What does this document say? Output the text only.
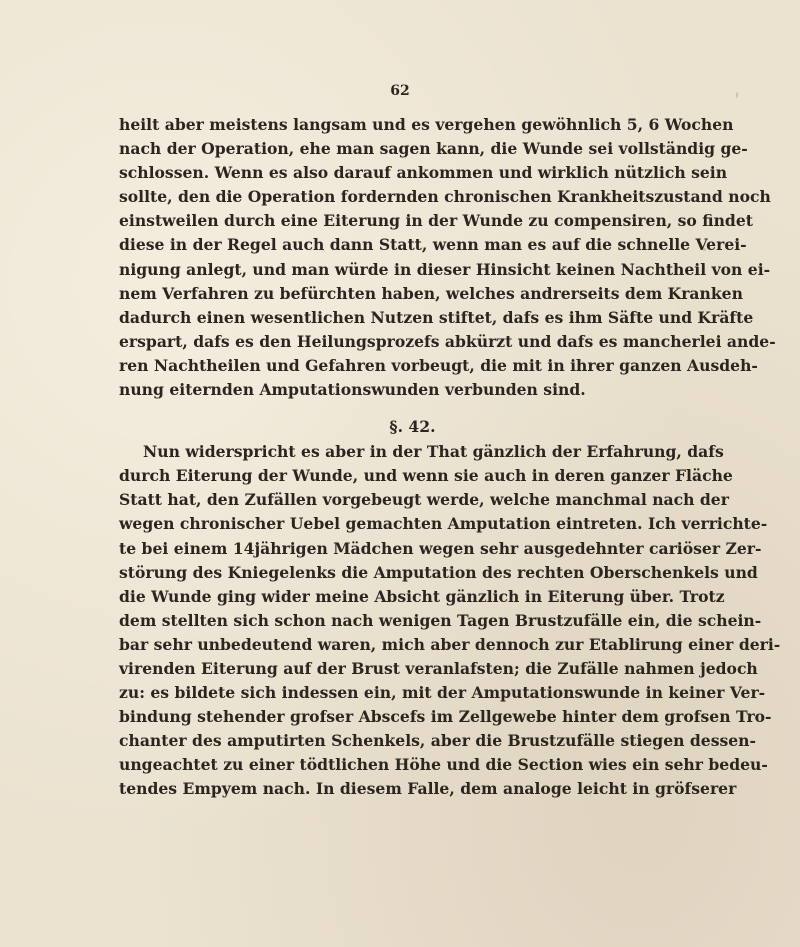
62
heilt aber meistens langsam und es vergehen gewöhnlich 5, 6 Wochen
nach der Operation, ehe man sagen kann, die Wunde sei vollständig ge-
schlossen. Wenn es also darauf ankommen und wirklich nützlich sein
sollte, den die Operation fordernden chronischen Krankheitszustand noch
einstweilen durch eine Eiterung in der Wunde zu compensiren, so findet
diese in der Regel auch dann Statt, wenn man es auf die schnelle Verei-
nigung anlegt, und man würde in dieser Hinsicht keinen Nachtheil von ei-
nem Verfahren zu befürchten haben, welches andrerseits dem Kranken
dadurch einen wesentlichen Nutzen stiftet, dafs es ihm Säfte und Kräfte
erspart, dafs es den Heilungsprozefs abkürzt und dafs es mancherlei ande-
ren Nachtheilen und Gefahren vorbeugt, die mit in ihrer ganzen Ausdeh-
nung eiternden Amputationswunden verbunden sind.
§. 42.
Nun widerspricht es aber in der That gänzlich der Erfahrung, dafs
durch Eiterung der Wunde, und wenn sie auch in deren ganzer Fläche
Statt hat, den Zufällen vorgebeugt werde, welche manchmal nach der
wegen chronischer Uebel gemachten Amputation eintreten. Ich verrichte-
te bei einem 14jährigen Mädchen wegen sehr ausgedehnter cariöser Zer-
störung des Kniegelenks die Amputation des rechten Oberschenkels und
die Wunde ging wider meine Absicht gänzlich in Eiterung über. Trotz
dem stellten sich schon nach wenigen Tagen Brustzufälle ein, die schein-
bar sehr unbedeutend waren, mich aber dennoch zur Etablirung einer deri-
virenden Eiterung auf der Brust veranlafsten; die Zufälle nahmen jedoch
zu: es bildete sich indessen ein, mit der Amputationswunde in keiner Ver-
bindung stehender grofser Abscefs im Zellgewebe hinter dem grofsen Tro-
chanter des amputirten Schenkels, aber die Brustzufälle stiegen dessen-
ungeachtet zu einer tödtlichen Höhe und die Section wies ein sehr bedeu-
tendes Empyem nach. In diesem Falle, dem analoge leicht in gröfserer
